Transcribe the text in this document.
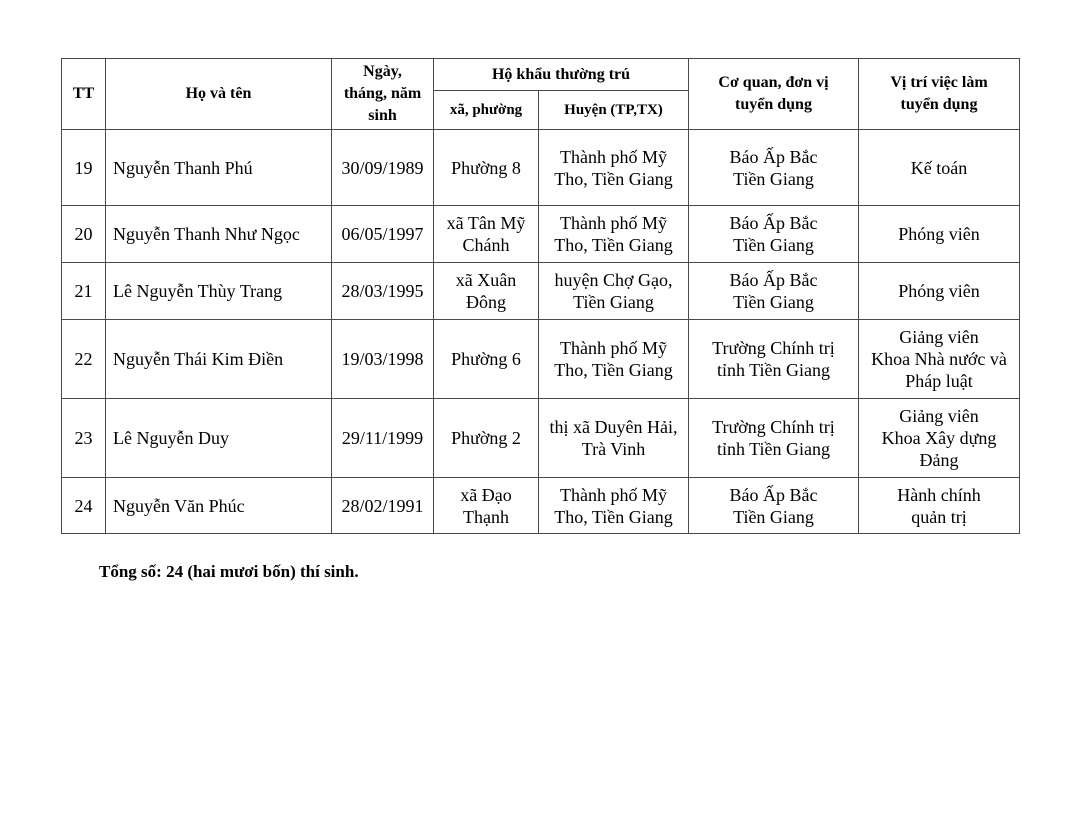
TT	Họ và tên	Ngày,
tháng, năm
sinh	Hộ khẩu thường trú		Cơ quan, đơn vị
tuyển dụng	Vị trí việc làm
tuyển dụng
			xã, phường	Huyện (TP,TX)		
19	Nguyễn Thanh Phú	30/09/1989	Phường 8	Thành phố Mỹ
Tho, Tiền Giang	Báo Ấp Bắc
Tiền Giang	Kế toán
20	Nguyễn Thanh Như Ngọc	06/05/1997	xã Tân Mỹ
Chánh	Thành phố Mỹ
Tho, Tiền Giang	Báo Ấp Bắc
Tiền Giang	Phóng viên
21	Lê Nguyễn Thùy Trang	28/03/1995	xã Xuân
Đông	huyện Chợ Gạo,
Tiền Giang	Báo Ấp Bắc
Tiền Giang	Phóng viên
22	Nguyễn Thái Kim Điền	19/03/1998	Phường 6	Thành phố Mỹ
Tho, Tiền Giang	Trường Chính trị
tỉnh Tiền Giang	Giảng viên
Khoa Nhà nước và
Pháp luật
23	Lê Nguyễn Duy	29/11/1999	Phường 2	thị xã Duyên Hải,
Trà Vinh	Trường Chính trị
tỉnh Tiền Giang	Giảng viên
Khoa Xây dựng
Đảng
24	Nguyễn Văn Phúc	28/02/1991	xã Đạo
Thạnh	Thành phố Mỹ
Tho, Tiền Giang	Báo Ấp Bắc
Tiền Giang	Hành chính
quản trị

Tổng số: 24 (hai mươi bốn) thí sinh.
